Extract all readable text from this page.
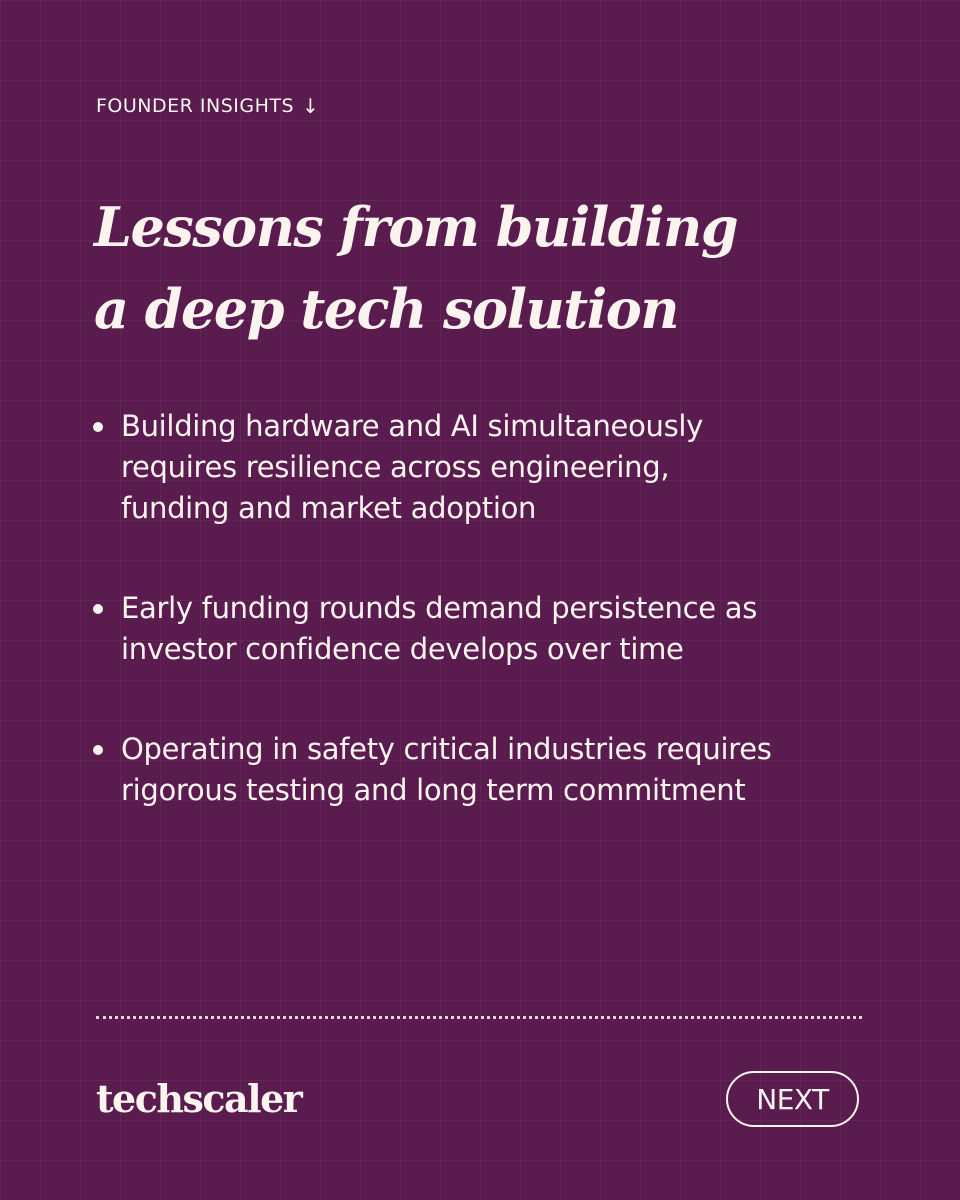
FOUNDER INSIGHTS ↓
Lessons from building
a deep tech solution
Building hardware and AI simultaneously requires resilience across engineering, funding and market adoption
Early funding rounds demand persistence as investor confidence develops over time
Operating in safety critical industries requires rigorous testing and long term commitment
techscaler	NEXT
